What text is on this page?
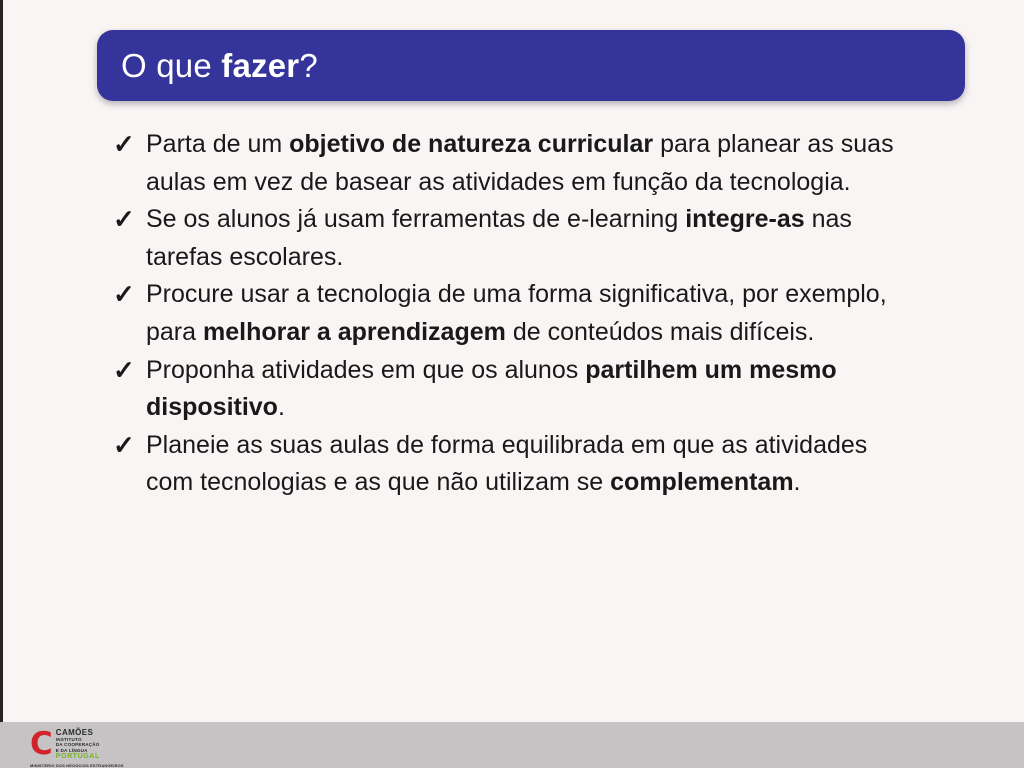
O que fazer?
✓ Parta de um objetivo de natureza curricular para planear as suas aulas em vez de basear as atividades em função da tecnologia.
✓ Se os alunos já usam ferramentas de e-learning integre-as nas tarefas escolares.
✓ Procure usar a tecnologia de uma forma significativa, por exemplo, para melhorar a aprendizagem de conteúdos mais difíceis.
✓ Proponha atividades em que os alunos partilhem um mesmo dispositivo.
✓ Planeie as suas aulas de forma equilibrada em que as atividades com tecnologias e as que não utilizam se complementam.
C CAMÕES
INSTITUTO
DA COOPERAÇÃO
E DA LÍNGUA
PORTUGAL
MINISTÉRIO DOS NEGÓCIOS ESTRANGEIROS
